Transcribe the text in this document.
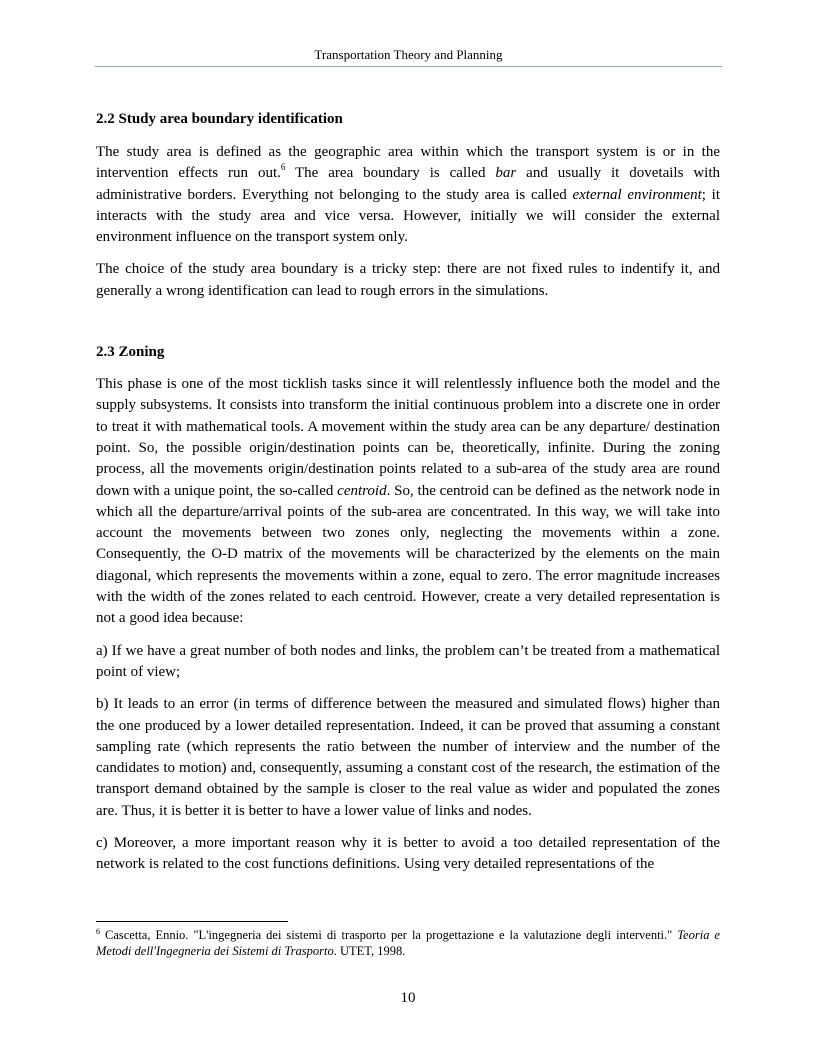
Transportation Theory and Planning
2.2 Study area boundary identification

The study area is defined as the geographic area within which the transport system is or in the intervention effects run out.$^6$ The area boundary is called bar and usually it dovetails with administrative borders. Everything not belonging to the study area is called external environment; it interacts with the study area and vice versa. However, initially we will consider the external environment influence on the transport system only.

The choice of the study area boundary is a tricky step: there are not fixed rules to indentify it, and generally a wrong identification can lead to rough errors in the simulations.

2.3 Zoning

This phase is one of the most ticklish tasks since it will relentlessly influence both the model and the supply subsystems. It consists into transform the initial continuous problem into a discrete one in order to treat it with mathematical tools. A movement within the study area can be any departure/ destination point. So, the possible origin/destination points can be, theoretically, infinite. During the zoning process, all the movements origin/destination points related to a sub-area of the study area are round down with a unique point, the so-called centroid. So, the centroid can be defined as the network node in which all the departure/arrival points of the sub-area are concentrated. In this way, we will take into account the movements between two zones only, neglecting the movements within a zone. Consequently, the O-D matrix of the movements will be characterized by the elements on the main diagonal, which represents the movements within a zone, equal to zero. The error magnitude increases with the width of the zones related to each centroid. However, create a very detailed representation is not a good idea because:

a) If we have a great number of both nodes and links, the problem can’t be treated from a mathematical point of view;

b) It leads to an error (in terms of difference between the measured and simulated flows) higher than the one produced by a lower detailed representation. Indeed, it can be proved that assuming a constant sampling rate (which represents the ratio between the number of interview and the number of the candidates to motion) and, consequently, assuming a constant cost of the research, the estimation of the transport demand obtained by the sample is closer to the real value as wider and populated the zones are. Thus, it is better it is better to have a lower value of links and nodes.

c) Moreover, a more important reason why it is better to avoid a too detailed representation of the network is related to the cost functions definitions. Using very detailed representations of the

$^6$ Cascetta, Ennio. "L'ingegneria dei sistemi di trasporto per la progettazione e la valutazione degli interventi." Teoria e Metodi dell'Ingegneria dei Sistemi di Trasporto. UTET, 1998.
10
